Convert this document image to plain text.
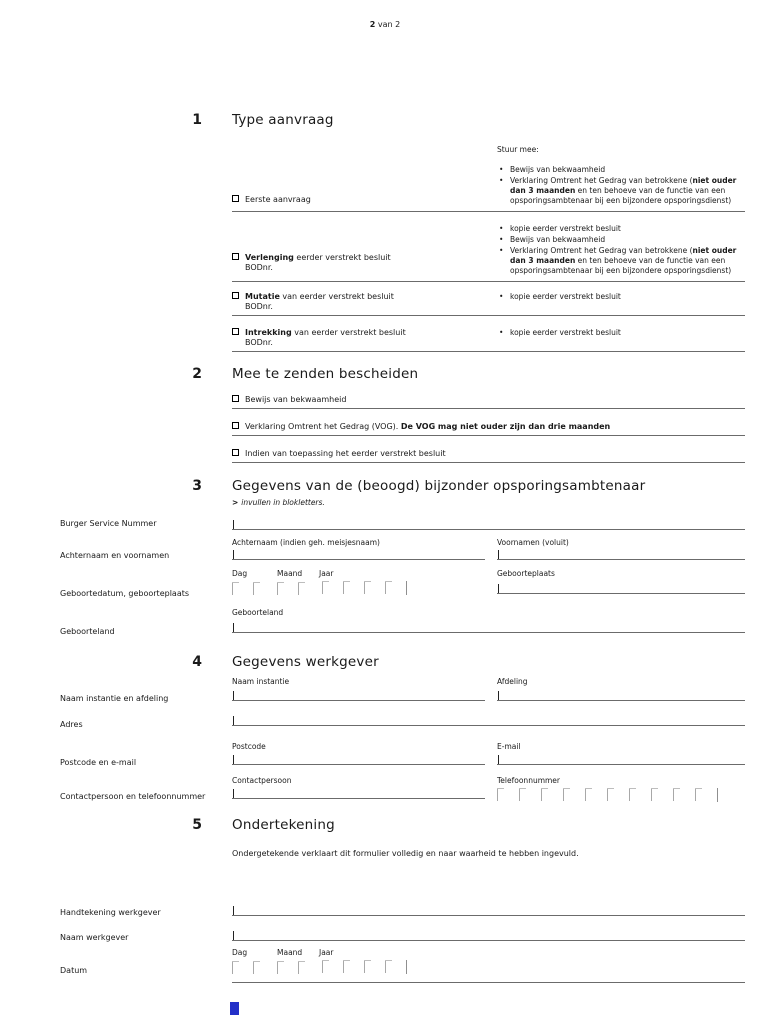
2 van 2
1	Type aanvraag
Eerste aanvraag
Stuur mee:
• Bewijs van bekwaamheid
• Verklaring Omtrent het Gedrag van betrokkene (niet ouder dan 3 maanden en ten behoeve van de functie van een opsporingsambtenaar bij een bijzondere opsporingsdienst)
Verlenging eerder verstrekt besluit
BODnr.
• kopie eerder verstrekt besluit
• Bewijs van bekwaamheid
• Verklaring Omtrent het Gedrag van betrokkene (niet ouder dan 3 maanden en ten behoeve van de functie van een opsporingsambtenaar bij een bijzondere opsporingsdienst)
Mutatie van eerder verstrekt besluit
BODnr.
• kopie eerder verstrekt besluit
Intrekking van eerder verstrekt besluit
BODnr.
• kopie eerder verstrekt besluit
2	Mee te zenden bescheiden
Bewijs van bekwaamheid
Verklaring Omtrent het Gedrag (VOG). De VOG mag niet ouder zijn dan drie maanden
Indien van toepassing het eerder verstrekt besluit
3	Gegevens van de (beoogd) bijzonder opsporingsambtenaar
> invullen in blokletters.
Burger Service Nummer
Achternaam en voornamen
Achternaam (indien geh. meisjesnaam)	Voornamen (voluit)
Geboortedatum, geboorteplaats
Dag	Maand	Jaar	Geboorteplaats
Geboorteland
Geboorteland
4	Gegevens werkgever
Naam instantie en afdeling
Naam instantie	Afdeling
Adres
Postcode en e-mail
Postcode	E-mail
Contactpersoon en telefoonnummer
Contactpersoon	Telefoonnummer
5	Ondertekening
Ondergetekende verklaart dit formulier volledig en naar waarheid te hebben ingevuld.
Handtekening werkgever
Naam werkgever
Datum
Dag	Maand	Jaar
